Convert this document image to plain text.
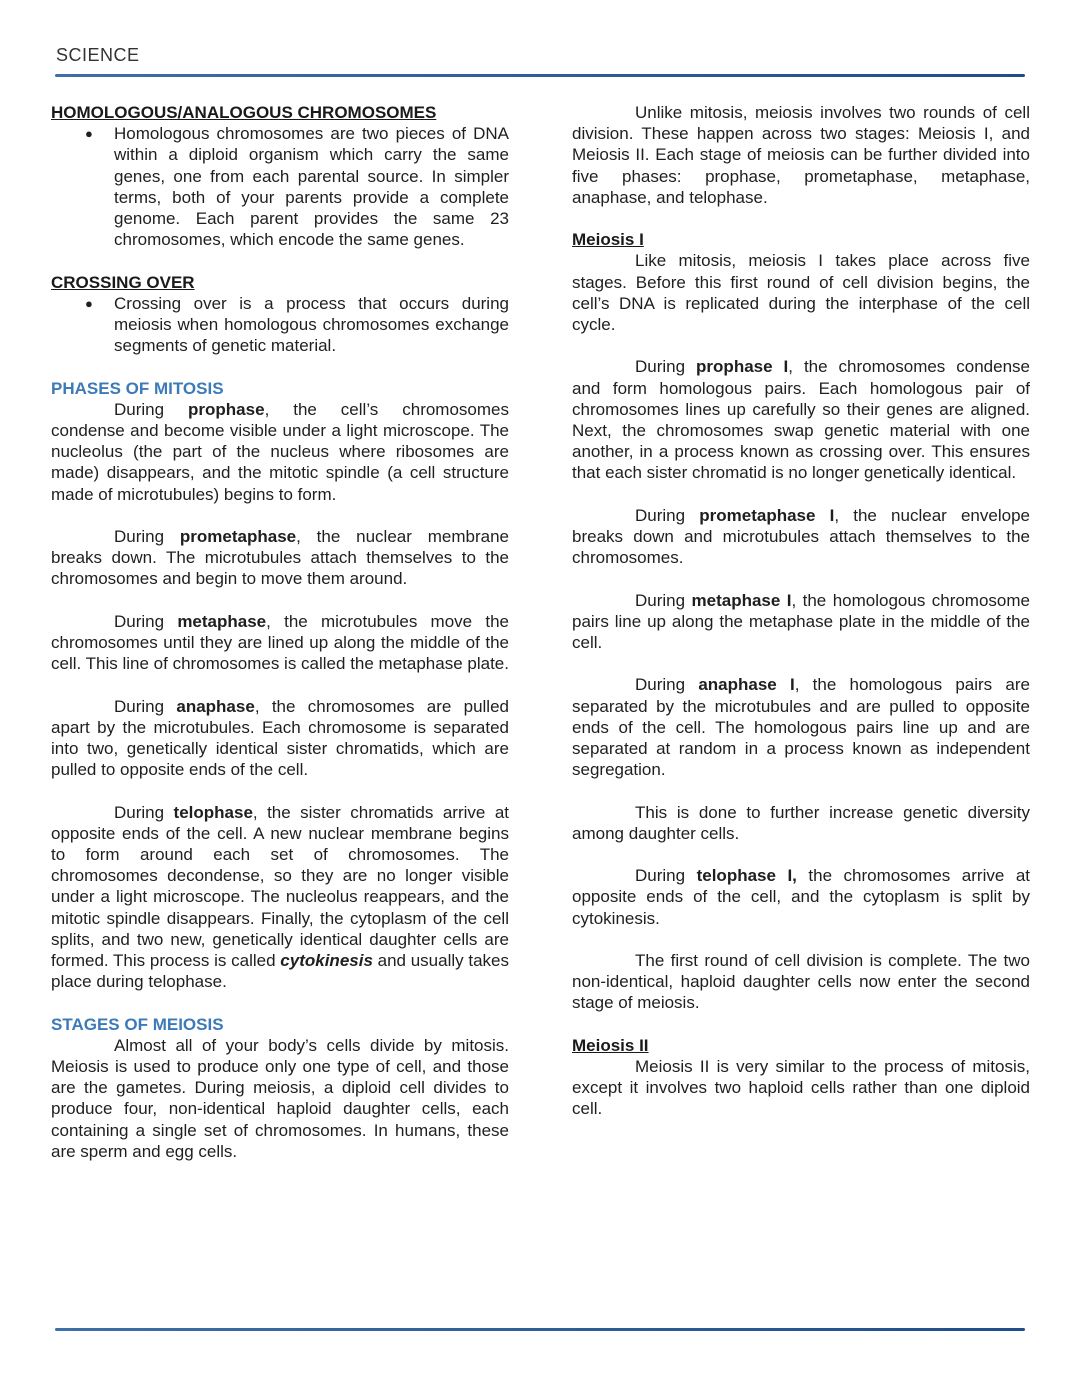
SCIENCE
HOMOLOGOUS/ANALOGOUS CHROMOSOMES
● Homologous chromosomes are two pieces of DNA within a diploid organism which carry the same genes, one from each parental source. In simpler terms, both of your parents provide a complete genome. Each parent provides the same 23 chromosomes, which encode the same genes.
CROSSING OVER
● Crossing over is a process that occurs during meiosis when homologous chromosomes exchange segments of genetic material.
PHASES OF MITOSIS

During prophase, the cell’s chromosomes condense and become visible under a light microscope. The nucleolus (the part of the nucleus where ribosomes are made) disappears, and the mitotic spindle (a cell structure made of microtubules) begins to form.

During prometaphase, the nuclear membrane breaks down. The microtubules attach themselves to the chromosomes and begin to move them around.

During metaphase, the microtubules move the chromosomes until they are lined up along the middle of the cell. This line of chromosomes is called the metaphase plate.

During anaphase, the chromosomes are pulled apart by the microtubules. Each chromosome is separated into two, genetically identical sister chromatids, which are pulled to opposite ends of the cell.

During telophase, the sister chromatids arrive at opposite ends of the cell. A new nuclear membrane begins to form around each set of chromosomes. The chromosomes decondense, so they are no longer visible under a light microscope. The nucleolus reappears, and the mitotic spindle disappears. Finally, the cytoplasm of the cell splits, and two new, genetically identical daughter cells are formed. This process is called cytokinesis and usually takes place during telophase.

STAGES OF MEIOSIS

Almost all of your body’s cells divide by mitosis. Meiosis is used to produce only one type of cell, and those are the gametes. During meiosis, a diploid cell divides to produce four, non-identical haploid daughter cells, each containing a single set of chromosomes. In humans, these are sperm and egg cells.

Unlike mitosis, meiosis involves two rounds of cell division. These happen across two stages: Meiosis I, and Meiosis II. Each stage of meiosis can be further divided into five phases: prophase, prometaphase, metaphase, anaphase, and telophase.

Meiosis I

Like mitosis, meiosis I takes place across five stages. Before this first round of cell division begins, the cell’s DNA is replicated during the interphase of the cell cycle.

During prophase I, the chromosomes condense and form homologous pairs. Each homologous pair of chromosomes lines up carefully so their genes are aligned. Next, the chromosomes swap genetic material with one another, in a process known as crossing over. This ensures that each sister chromatid is no longer genetically identical.

During prometaphase I, the nuclear envelope breaks down and microtubules attach themselves to the chromosomes.

During metaphase I, the homologous chromosome pairs line up along the metaphase plate in the middle of the cell.

During anaphase I, the homologous pairs are separated by the microtubules and are pulled to opposite ends of the cell. The homologous pairs line up and are separated at random in a process known as independent segregation.

This is done to further increase genetic diversity among daughter cells.

During telophase I, the chromosomes arrive at opposite ends of the cell, and the cytoplasm is split by cytokinesis.

The first round of cell division is complete. The two non-identical, haploid daughter cells now enter the second stage of meiosis.

Meiosis II

Meiosis II is very similar to the process of mitosis, except it involves two haploid cells rather than one diploid cell.
